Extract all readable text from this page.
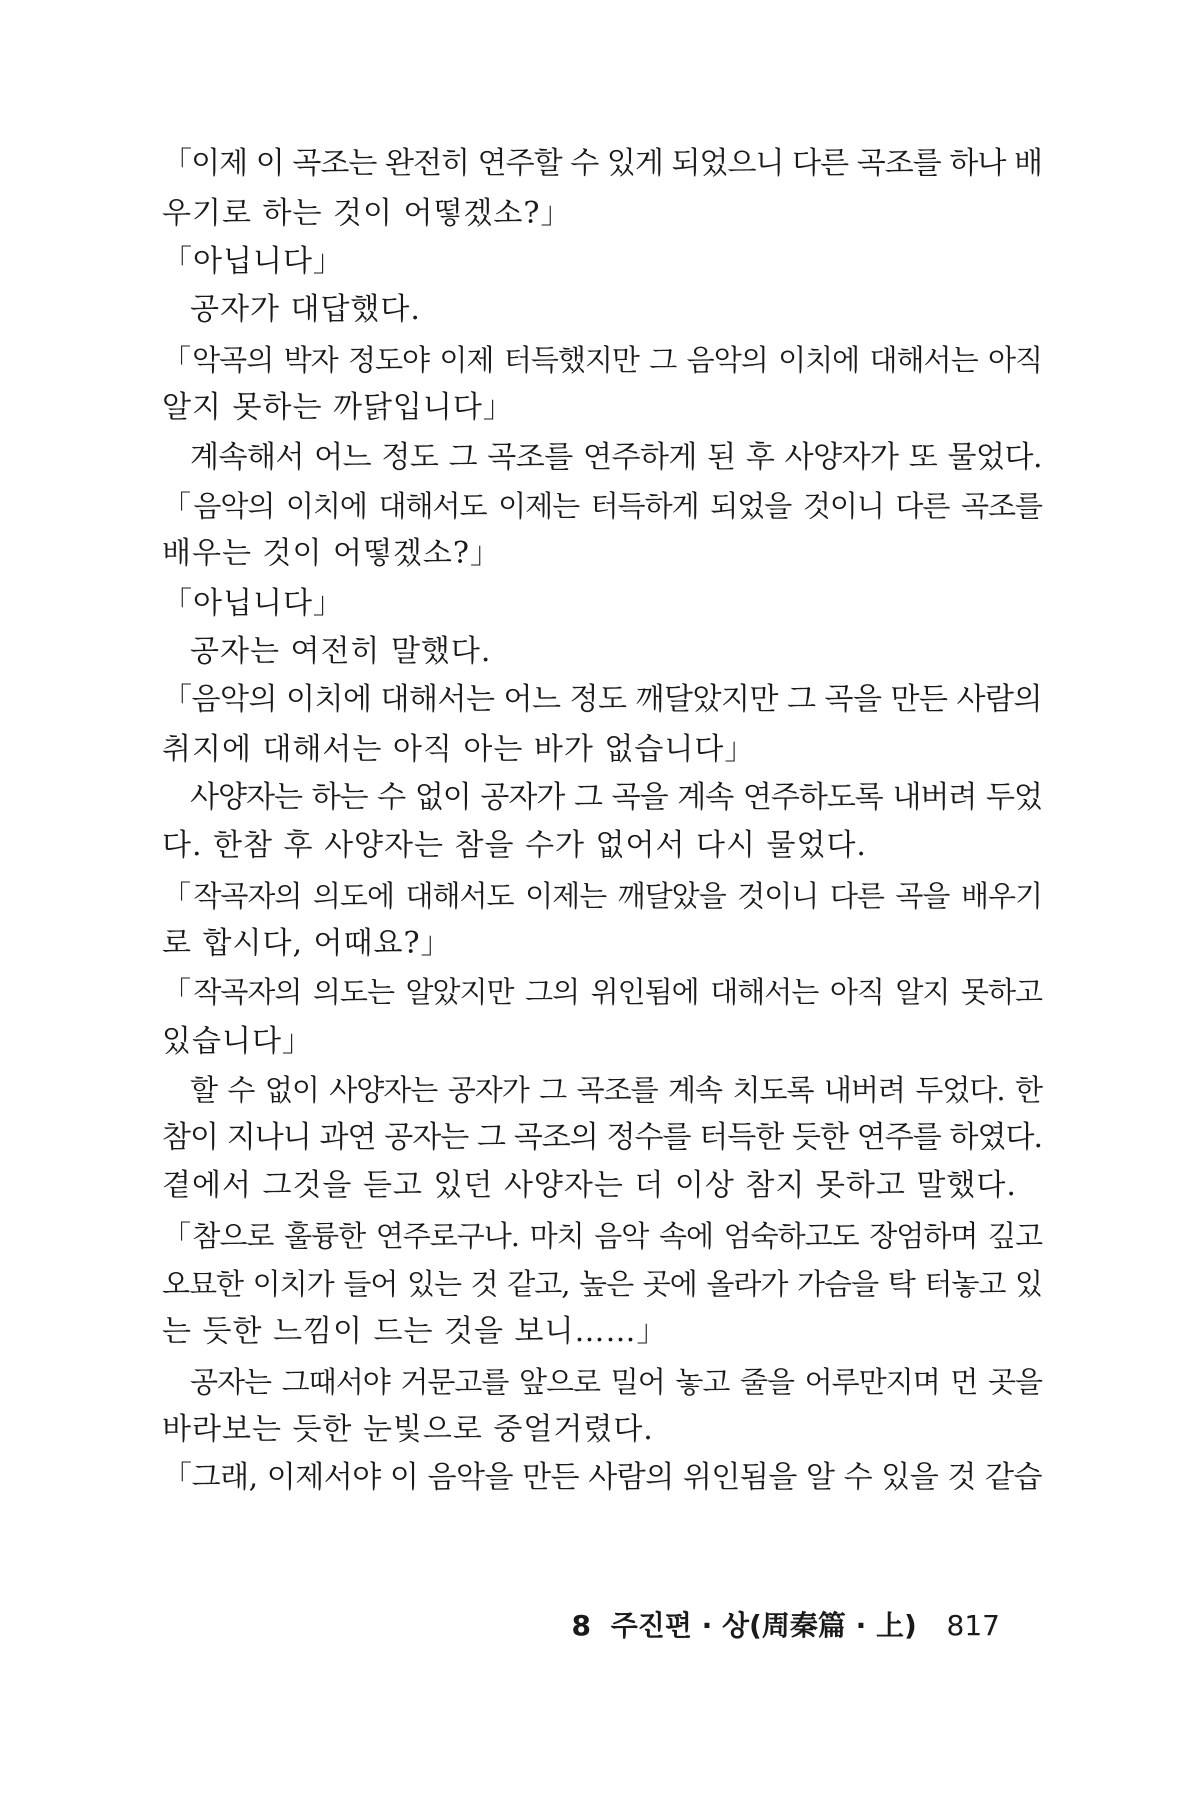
「이제 이 곡조는 완전히 연주할 수 있게 되었으니 다른 곡조를 하나 배
우기로 하는 것이 어떻겠소?」
「아닙니다」
공자가 대답했다.
「악곡의 박자 정도야 이제 터득했지만 그 음악의 이치에 대해서는 아직
알지 못하는 까닭입니다」
계속해서 어느 정도 그 곡조를 연주하게 된 후 사양자가 또 물었다.
「음악의 이치에 대해서도 이제는 터득하게 되었을 것이니 다른 곡조를
배우는 것이 어떻겠소?」
「아닙니다」
공자는 여전히 말했다.
「음악의 이치에 대해서는 어느 정도 깨달았지만 그 곡을 만든 사람의
취지에 대해서는 아직 아는 바가 없습니다」
사양자는 하는 수 없이 공자가 그 곡을 계속 연주하도록 내버려 두었
다. 한참 후 사양자는 참을 수가 없어서 다시 물었다.
「작곡자의 의도에 대해서도 이제는 깨달았을 것이니 다른 곡을 배우기
로 합시다, 어때요?」
「작곡자의 의도는 알았지만 그의 위인됨에 대해서는 아직 알지 못하고
있습니다」
할 수 없이 사양자는 공자가 그 곡조를 계속 치도록 내버려 두었다. 한
참이 지나니 과연 공자는 그 곡조의 정수를 터득한 듯한 연주를 하였다.
곁에서 그것을 듣고 있던 사양자는 더 이상 참지 못하고 말했다.
「참으로 훌륭한 연주로구나. 마치 음악 속에 엄숙하고도 장엄하며 깊고
오묘한 이치가 들어 있는 것 같고, 높은 곳에 올라가 가슴을 탁 터놓고 있
는 듯한 느낌이 드는 것을 보니……」
공자는 그때서야 거문고를 앞으로 밀어 놓고 줄을 어루만지며 먼 곳을
바라보는 듯한 눈빛으로 중얼거렸다.
「그래, 이제서야 이 음악을 만든 사람의 위인됨을 알 수 있을 것 같습
8 주진편 · 상(周秦篇 · 上) 817
